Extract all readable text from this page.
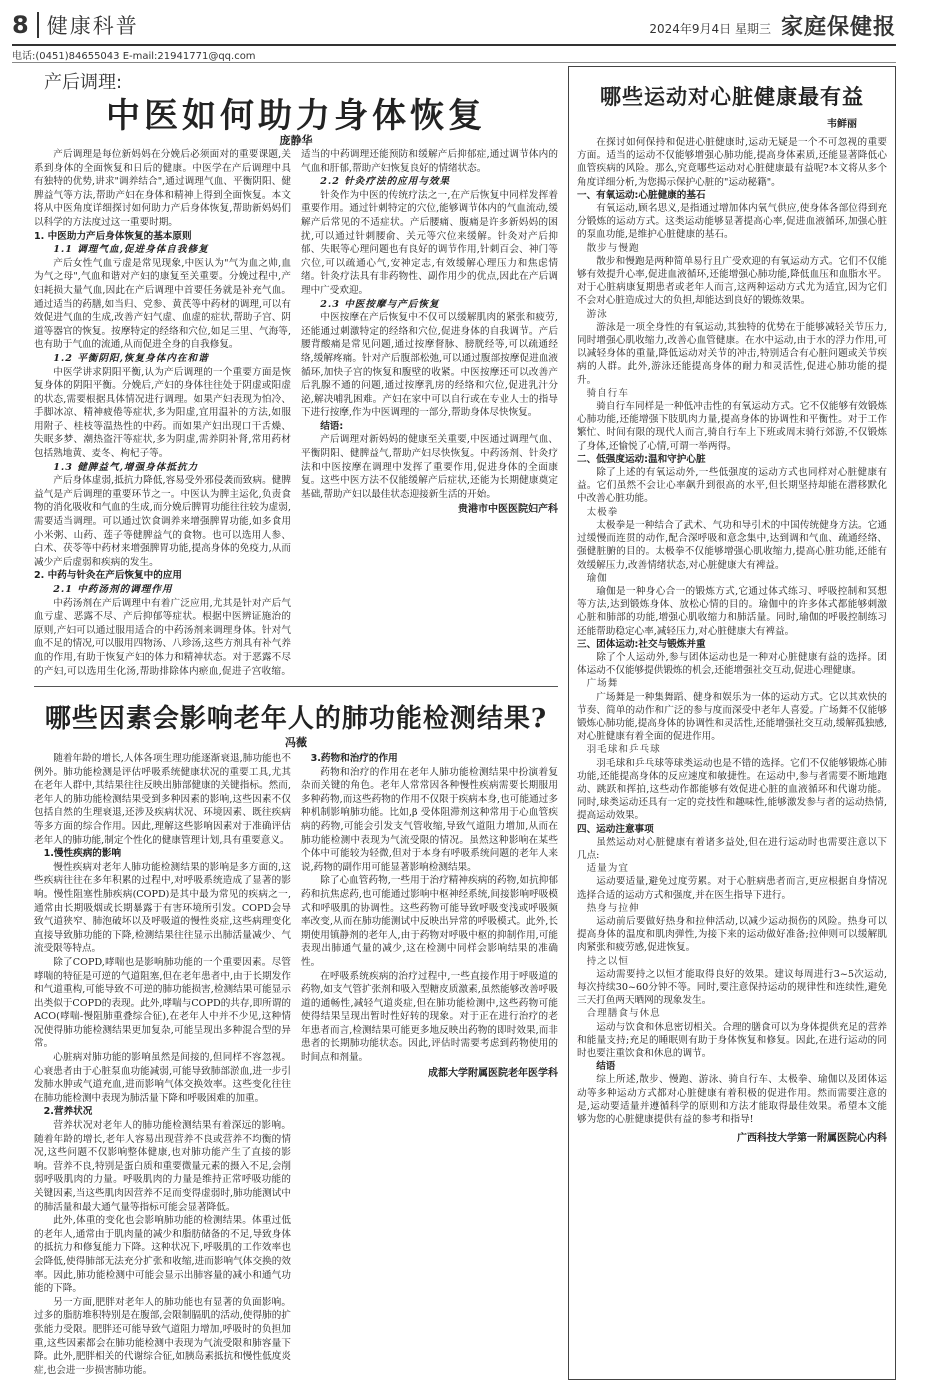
8 健康科普	2024年9月4日 星期三 家庭保健报
电话:(0451)84655043 E-mail:21941771@qq.com
产后调理:
中医如何助力身体恢复
庞静华

产后调理是每位新妈妈在分娩后必须面对的重要课题,关系到身体的全面恢复和日后的健康。中医学在产后调理中具有独特的优势,讲求"调养结合",通过调理气血、平衡阴阳、健脾益气等方法,帮助产妇在身体和精神上得到全面恢复。本文将从中医角度详细探讨如何助力产后身体恢复,帮助新妈妈们以科学的方法度过这一重要时期。

1. 中医助力产后身体恢复的基本原则

1.1 调理气血,促进身体自我修复

产后女性气血亏虚是常见现象,中医认为"气为血之帅,血为气之母",气血和谐对产妇的康复至关重要。分娩过程中,产妇耗损大量气血,因此在产后调理中首要任务就是补充气血。通过适当的药膳,如当归、党参、黄芪等中药材的调理,可以有效促进气血的生成,改善产妇气虚、血虚的症状,帮助子宫、阴道等器官的恢复。按摩特定的经络和穴位,如足三里、气海等,也有助于气血的流通,从而促进全身的自我修复。

1.2 平衡阴阳,恢复身体内在和谐

中医学讲求阴阳平衡,认为产后调理的一个重要方面是恢复身体的阴阳平衡。分娩后,产妇的身体往往处于阴虚或阳虚的状态,需要根据具体情况进行调理。如果产妇表现为怕冷、手脚冰凉、精神疲倦等症状,多为阳虚,宜用温补的方法,如服用附子、桂枝等温热性的中药。而如果产妇出现口干舌燥、失眠多梦、潮热盗汗等症状,多为阴虚,需养阴补肾,常用药材包括熟地黄、麦冬、枸杞子等。

1.3 健脾益气,增强身体抵抗力

产后身体虚弱,抵抗力降低,容易受外邪侵袭而致病。健脾益气是产后调理的重要环节之一。中医认为脾主运化,负责食物的消化吸收和气血的生成,而分娩后脾胃功能往往较为虚弱,需要适当调理。可以通过饮食调养来增强脾胃功能,如多食用小米粥、山药、莲子等健脾益气的食物。也可以选用人参、白术、茯苓等中药材来增强脾胃功能,提高身体的免疫力,从而减少产后虚弱和疾病的发生。

2. 中药与针灸在产后恢复中的应用

2.1 中药汤剂的调理作用

中药汤剂在产后调理中有着广泛应用,尤其是针对产后气血亏虚、恶露不尽、产后抑郁等症状。根据中医辨证施治的原则,产妇可以通过服用适合的中药汤剂来调理身体。针对气血不足的情况,可以服用四物汤、八珍汤,这些方剂具有补气养血的作用,有助于恢复产妇的体力和精神状态。对于恶露不尽的产妇,可以选用生化汤,帮助排除体内瘀血,促进子宫收缩。适当的中药调理还能预防和缓解产后抑郁症,通过调节体内的气血和肝郁,帮助产妇恢复良好的情绪状态。

2.2 针灸疗法的应用与效果

针灸作为中医的传统疗法之一,在产后恢复中同样发挥着重要作用。通过针刺特定的穴位,能够调节体内的气血流动,缓解产后常见的不适症状。产后腰痛、腹痛是许多新妈妈的困扰,可以通过针刺腰俞、关元等穴位来缓解。针灸对产后抑郁、失眠等心理问题也有良好的调节作用,针刺百会、神门等穴位,可以疏通心气,安神定志,有效缓解心理压力和焦虑情绪。针灸疗法具有非药物性、副作用少的优点,因此在产后调理中广受欢迎。

2.3 中医按摩与产后恢复

中医按摩在产后恢复中不仅可以缓解肌肉的紧张和疲劳,还能通过刺激特定的经络和穴位,促进身体的自我调节。产后腰背酸痛是常见问题,通过按摩督脉、膀胱经等,可以疏通经络,缓解疼痛。针对产后腹部松弛,可以通过腹部按摩促进血液循环,加快子宫的恢复和腹壁的收紧。中医按摩还可以改善产后乳腺不通的问题,通过按摩乳房的经络和穴位,促进乳汁分泌,解决哺乳困难。产妇在家中可以自行或在专业人士的指导下进行按摩,作为中医调理的一部分,帮助身体尽快恢复。

结语:

产后调理对新妈妈的健康至关重要,中医通过调理气血、平衡阴阳、健脾益气,帮助产妇尽快恢复。中药汤剂、针灸疗法和中医按摩在调理中发挥了重要作用,促进身体的全面康复。这些中医方法不仅能缓解产后症状,还能为长期健康奠定基础,帮助产妇以最佳状态迎接新生活的开始。

贵港市中医医院妇产科
哪些因素会影响老年人的肺功能检测结果?
冯薇

随着年龄的增长,人体各项生理功能逐渐衰退,肺功能也不例外。肺功能检测是评估呼吸系统健康状况的重要工具,尤其在老年人群中,其结果往往反映出肺部健康的关键指标。然而,老年人的肺功能检测结果受到多种因素的影响,这些因素不仅包括自然的生理衰退,还涉及疾病状况、环境因素、既往疾病等多方面的综合作用。因此,理解这些影响因素对于准确评估老年人的肺功能,制定个性化的健康管理计划,具有重要意义。

1.慢性疾病的影响

慢性疾病对老年人肺功能检测结果的影响是多方面的,这些疾病往往在多年积累的过程中,对呼吸系统造成了显著的影响。慢性阻塞性肺疾病(COPD)是其中最为常见的疾病之一,通常由长期吸烟或长期暴露于有害环境所引发。COPD会导致气道狭窄、肺泡破坏以及呼吸道的慢性炎症,这些病理变化直接导致肺功能的下降,检测结果往往显示出肺活量减少、气流受限等特点。

除了COPD,哮喘也是影响肺功能的一个重要因素。尽管哮喘的特征是可逆的气道阻塞,但在老年患者中,由于长期发作和气道重构,可能导致不可逆的肺功能损害,检测结果可能显示出类似于COPD的表现。此外,哮喘与COPD的共存,即所谓的ACO(哮喘-慢阻肺重叠综合征),在老年人中并不少见,这种情况使得肺功能检测结果更加复杂,可能呈现出多种混合型的异常。

心脏病对肺功能的影响虽然是间接的,但同样不容忽视。心衰患者由于心脏泵血功能减弱,可能导致肺部淤血,进一步引发肺水肿或气道充血,进而影响气体交换效率。这些变化往往在肺功能检测中表现为肺活量下降和呼吸困难的加重。

2.营养状况

营养状况对老年人的肺功能检测结果有着深远的影响。随着年龄的增长,老年人容易出现营养不良或营养不均衡的情况,这些问题不仅影响整体健康,也对肺功能产生了直接的影响。营养不良,特别是蛋白质和重要微量元素的摄入不足,会削弱呼吸肌肉的力量。呼吸肌肉的力量是维持正常呼吸功能的关键因素,当这些肌肉因营养不足而变得虚弱时,肺功能测试中的肺活量和最大通气量等指标可能会显著降低。

此外,体重的变化也会影响肺功能的检测结果。体重过低的老年人,通常由于肌肉量的减少和脂肪储备的不足,导致身体的抵抗力和修复能力下降。这种状况下,呼吸肌的工作效率也会降低,使得肺部无法充分扩张和收缩,进而影响气体交换的效率。因此,肺功能检测中可能会显示出肺容量的减小和通气功能的下降。

另一方面,肥胖对老年人的肺功能也有显著的负面影响。过多的脂肪堆积特别是在腹部,会限制膈肌的活动,使得肺的扩张能力受限。肥胖还可能导致气道阻力增加,呼吸时的负担加重,这些因素都会在肺功能检测中表现为气流受限和肺容量下降。此外,肥胖相关的代谢综合征,如胰岛素抵抗和慢性低度炎症,也会进一步损害肺功能。

3.药物和治疗的作用

药物和治疗的作用在老年人肺功能检测结果中扮演着复杂而关键的角色。老年人常常因各种慢性疾病需要长期服用多种药物,而这些药物的作用不仅限于疾病本身,也可能通过多种机制影响肺功能。比如,β 受体阻滞剂这种常用于心血管疾病的药物,可能会引发支气管收缩,导致气道阻力增加,从而在肺功能检测中表现为气流受限的情况。虽然这种影响在某些个体中可能较为轻微,但对于本身有呼吸系统问题的老年人来说,药物的副作用可能显著影响检测结果。

除了心血管药物,一些用于治疗精神疾病的药物,如抗抑郁药和抗焦虑药,也可能通过影响中枢神经系统,间接影响呼吸模式和呼吸肌的协调性。这些药物可能导致呼吸变浅或呼吸频率改变,从而在肺功能测试中反映出异常的呼吸模式。此外,长期使用镇静剂的老年人,由于药物对呼吸中枢的抑制作用,可能表现出肺通气量的减少,这在检测中同样会影响结果的准确性。

在呼吸系统疾病的治疗过程中,一些直接作用于呼吸道的药物,如支气管扩张剂和吸入型糖皮质激素,虽然能够改善呼吸道的通畅性,减轻气道炎症,但在肺功能检测中,这些药物可能使得结果呈现出暂时性好转的现象。对于正在进行治疗的老年患者而言,检测结果可能更多地反映出药物的即时效果,而非患者的长期肺功能状态。因此,评估时需要考虑到药物使用的时间点和剂量。

成都大学附属医院老年医学科
哪些运动对心脏健康最有益
韦鲜丽

在探讨如何保持和促进心脏健康时,运动无疑是一个不可忽视的重要方面。适当的运动不仅能够增强心肺功能,提高身体素质,还能显著降低心血管疾病的风险。那么,究竟哪些运动对心脏健康最有益呢?本文将从多个角度详细分析,为您揭示保护心脏的"运动秘籍"。

一、有氧运动:心脏健康的基石

有氧运动,顾名思义,是指通过增加体内氧气供应,使身体各部位得到充分锻炼的运动方式。这类运动能够显著提高心率,促进血液循环,加强心脏的泵血功能,是维护心脏健康的基石。

散步与慢跑

散步和慢跑是两种简单易行且广受欢迎的有氧运动方式。它们不仅能够有效提升心率,促进血液循环,还能增强心肺功能,降低血压和血脂水平。对于心脏病康复期患者或老年人而言,这两种运动方式尤为适宜,因为它们不会对心脏造成过大的负担,却能达到良好的锻炼效果。

游泳

游泳是一项全身性的有氧运动,其独特的优势在于能够减轻关节压力,同时增强心肌收缩力,改善心血管健康。在水中运动,由于水的浮力作用,可以减轻身体的重量,降低运动对关节的冲击,特别适合有心脏问题或关节疾病的人群。此外,游泳还能提高身体的耐力和灵活性,促进心肺功能的提升。

骑自行车

骑自行车同样是一种低冲击性的有氧运动方式。它不仅能够有效锻炼心肺功能,还能增强下肢肌肉力量,提高身体的协调性和平衡性。对于工作繁忙、时间有限的现代人而言,骑自行车上下班或周末骑行郊游,不仅锻炼了身体,还愉悦了心情,可谓一举两得。

二、低强度运动:温和守护心脏

除了上述的有氧运动外,一些低强度的运动方式也同样对心脏健康有益。它们虽然不会让心率飙升到很高的水平,但长期坚持却能在潜移默化中改善心脏功能。

太极拳

太极拳是一种结合了武术、气功和导引术的中国传统健身方法。它通过缓慢而连贯的动作,配合深呼吸和意念集中,达到调和气血、疏通经络、强健脏腑的目的。太极拳不仅能够增强心肌收缩力,提高心脏功能,还能有效缓解压力,改善情绪状态,对心脏健康大有裨益。

瑜伽

瑜伽是一种身心合一的锻炼方式,它通过体式练习、呼吸控制和冥想等方法,达到锻炼身体、放松心情的目的。瑜伽中的许多体式都能够刺激心脏和肺部的功能,增强心肌收缩力和肺活量。同时,瑜伽的呼吸控制练习还能帮助稳定心率,减轻压力,对心脏健康大有裨益。

三、团体运动:社交与锻炼并重

除了个人运动外,参与团体运动也是一种对心脏健康有益的选择。团体运动不仅能够提供锻炼的机会,还能增强社交互动,促进心理健康。

广场舞

广场舞是一种集舞蹈、健身和娱乐为一体的运动方式。它以其欢快的节奏、简单的动作和广泛的参与度而深受中老年人喜爱。广场舞不仅能够锻炼心肺功能,提高身体的协调性和灵活性,还能增强社交互动,缓解孤独感,对心脏健康有着全面的促进作用。

羽毛球和乒乓球

羽毛球和乒乓球等球类运动也是不错的选择。它们不仅能够锻炼心肺功能,还能提高身体的反应速度和敏捷性。在运动中,参与者需要不断地跑动、跳跃和挥拍,这些动作都能够有效促进心脏的血液循环和代谢功能。同时,球类运动还具有一定的竞技性和趣味性,能够激发参与者的运动热情,提高运动效果。

四、运动注意事项

虽然运动对心脏健康有着诸多益处,但在进行运动时也需要注意以下几点:

适量为宜

运动要适量,避免过度劳累。对于心脏病患者而言,更应根据自身情况选择合适的运动方式和强度,并在医生指导下进行。

热身与拉伸

运动前后要做好热身和拉伸活动,以减少运动损伤的风险。热身可以提高身体的温度和肌肉弹性,为接下来的运动做好准备;拉伸则可以缓解肌肉紧张和疲劳感,促进恢复。

持之以恒

运动需要持之以恒才能取得良好的效果。建议每周进行3~5次运动,每次持续30~60分钟不等。同时,要注意保持运动的规律性和连续性,避免三天打鱼两天晒网的现象发生。

合理膳食与休息

运动与饮食和休息密切相关。合理的膳食可以为身体提供充足的营养和能量支持;充足的睡眠则有助于身体恢复和修复。因此,在进行运动的同时也要注重饮食和休息的调节。

结语

综上所述,散步、慢跑、游泳、骑自行车、太极拳、瑜伽以及团体运动等多种运动方式都对心脏健康有着积极的促进作用。然而需要注意的是,运动要适量并遵循科学的原则和方法才能取得最佳效果。希望本文能够为您的心脏健康提供有益的参考和指导!

广西科技大学第一附属医院心内科
